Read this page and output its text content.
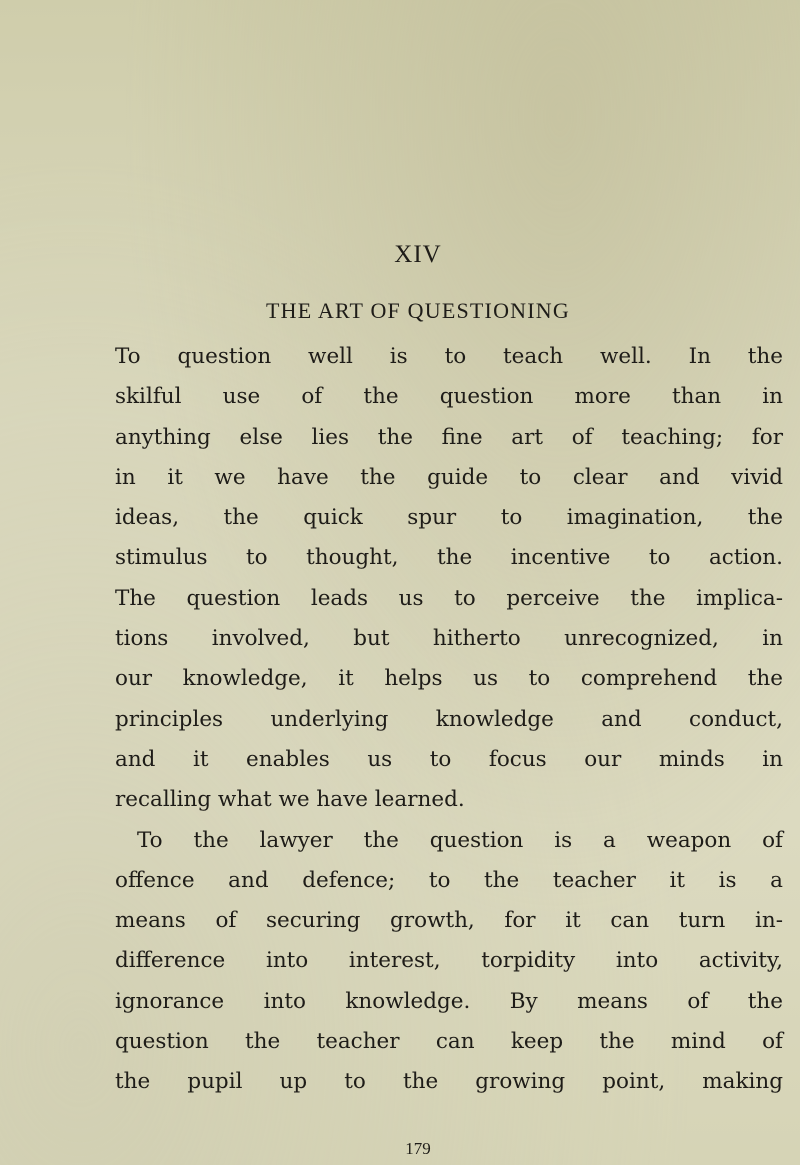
XIV
THE ART OF QUESTIONING
To question well is to teach well. In the
skilful use of the question more than in
anything else lies the fine art of teaching; for
in it we have the guide to clear and vivid
ideas, the quick spur to imagination, the
stimulus to thought, the incentive to action.
The question leads us to perceive the implica-
tions involved, but hitherto unrecognized, in
our knowledge, it helps us to comprehend the
principles underlying knowledge and conduct,
and it enables us to focus our minds in
recalling what we have learned.
To the lawyer the question is a weapon of
offence and defence; to the teacher it is a
means of securing growth, for it can turn in-
difference into interest, torpidity into activity,
ignorance into knowledge. By means of the
question the teacher can keep the mind of
the pupil up to the growing point, making
179
